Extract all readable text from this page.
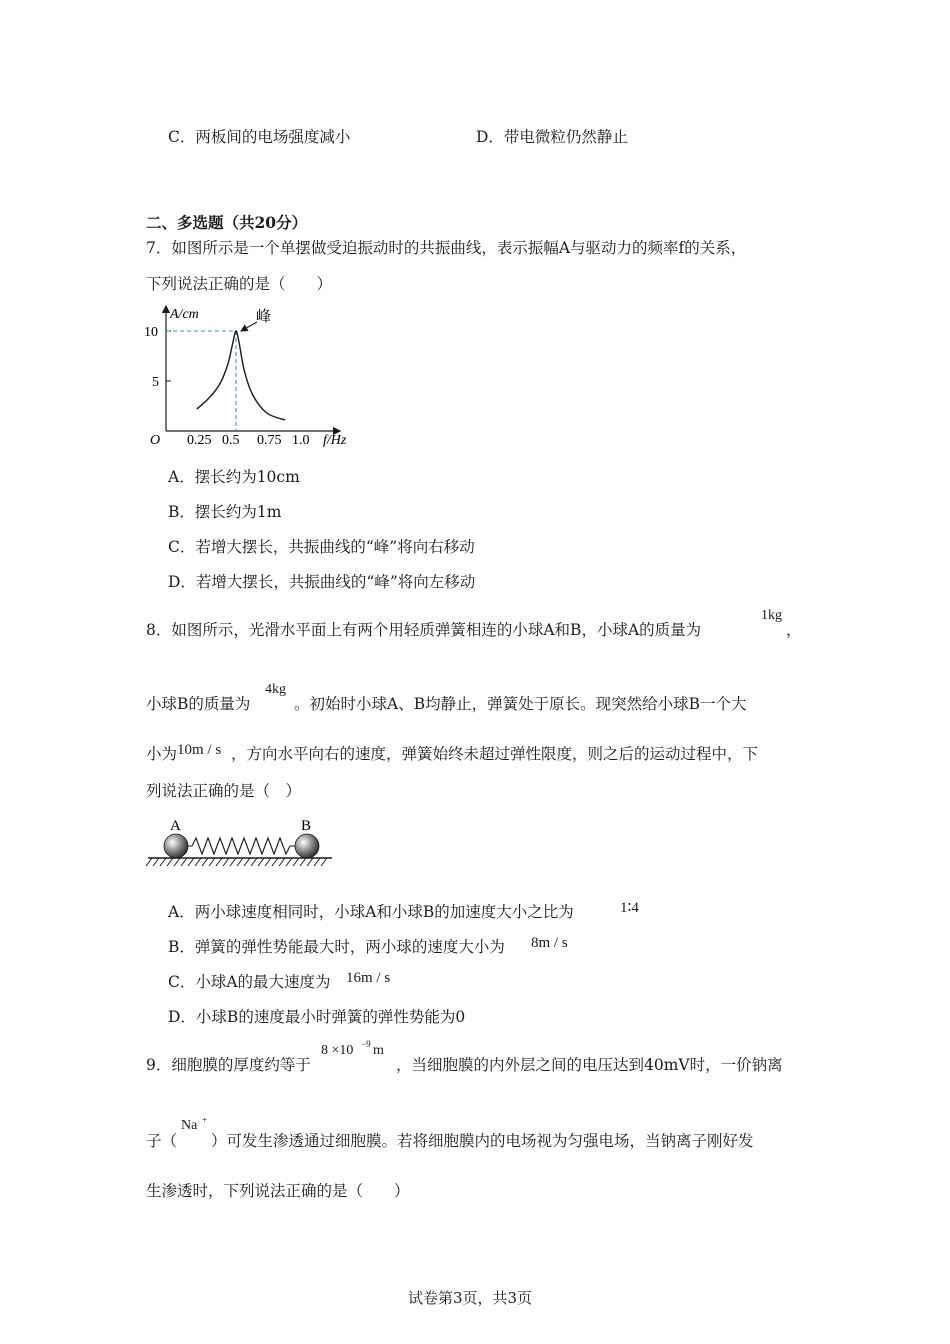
C．两板间的电场强度减小	D．带电微粒仍然静止
二、多选题（共20分）
7．如图所示是一个单摆做受迫振动时的共振曲线，表示振幅A与驱动力的频率f的关系，
下列说法正确的是（　　）
0.25 0.5 0.75 1.0
5
10
A/cm
f/Hz
O
峰
A．摆长约为10cm
B．摆长约为1m
C．若增大摆长，共振曲线的“峰”将向右移动
D．若增大摆长，共振曲线的“峰”将向左移动
8．如图所示，光滑水平面上有两个用轻质弹簧相连的小球A和B，小球A的质量为
1kg
，
小球B的质量为
4kg
。初始时小球A、B均静止，弹簧处于原长。现突然给小球B一个大
小为 10m / s ，方向水平向右的速度，弹簧始终未超过弹性限度，则之后的运动过程中，下
列说法正确的是（　）
A	B
A．两小球速度相同时，小球A和小球B的加速度大小之比为	1∶4
B．弹簧的弹性势能最大时，两小球的速度大小为 8m / s
C．小球A的最大速度为 16m / s
D．小球B的速度最小时弹簧的弹性势能为0
9．细胞膜的厚度约等于
8 ×10 −9 m
，当细胞膜的内外层之间的电压达到40mV时，一价钠离
子（
Na +
）可发生渗透通过细胞膜。若将细胞膜内的电场视为匀强电场，当钠离子刚好发
生渗透时，下列说法正确的是（　　）
试卷第3页，共3页
